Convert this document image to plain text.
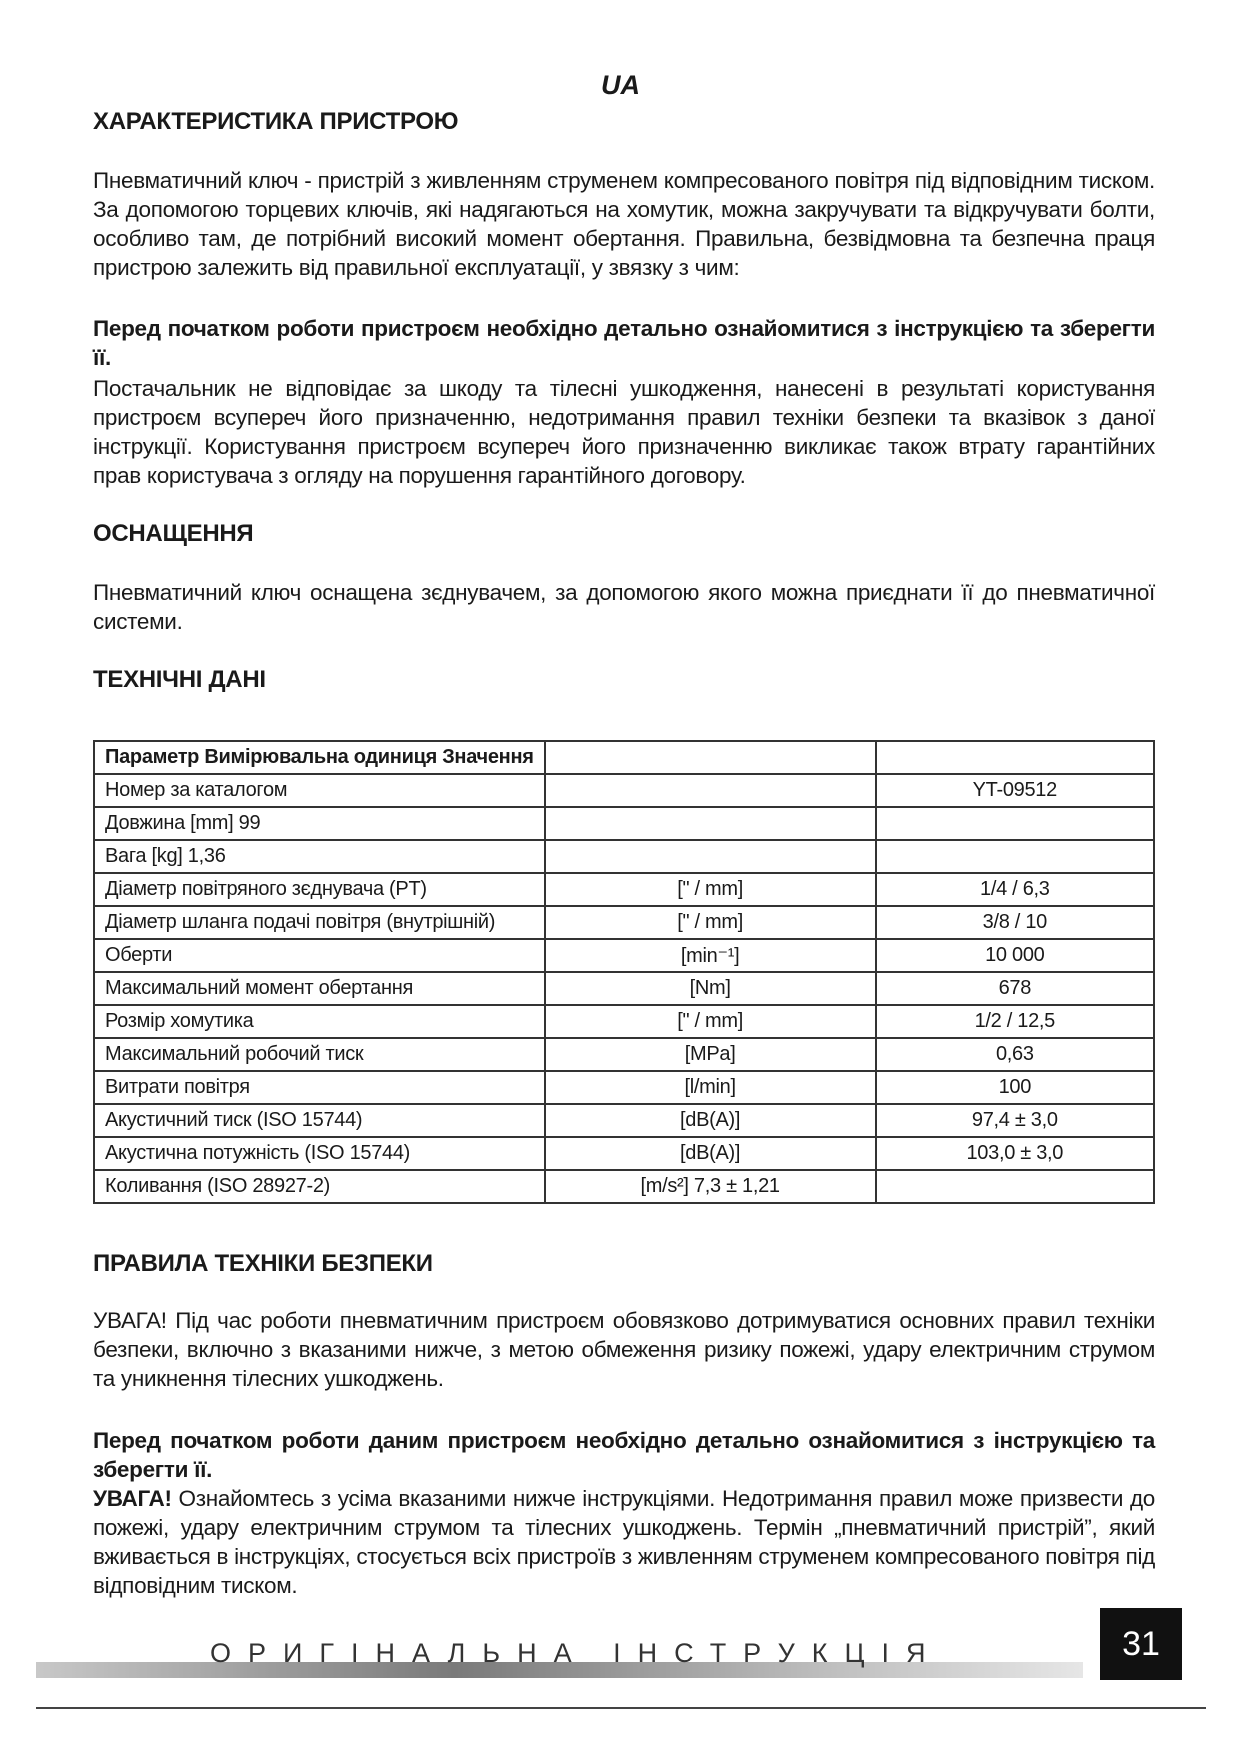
UA
ХАРАКТЕРИСТИКА ПРИСТРОЮ
Пневматичний ключ - пристрій з живленням струменем компресованого повітря під відповідним тиском. За допомогою торцевих ключів, які надягаються на хомутик, можна закручувати та відкручувати болти, особливо там, де потрібний високий момент обертання. Правильна, безвідмовна та безпечна праця пристрою залежить від правильної експлуатації, у звязку з чим:
Перед початком роботи пристроєм необхідно детально ознайомитися з інструкцією та зберегти її.
Постачальник не відповідає за шкоду та тілесні ушкодження, нанесені в результаті користування пристроєм всупереч його призначенню, недотримання правил техніки безпеки та вказівок з даної інструкції. Користування пристроєм всупереч його призначенню викликає також втрату гарантійних прав користувача з огляду на порушення гарантійного договору.
ОСНАЩЕННЯ
Пневматичний ключ оснащена зєднувачем, за допомогою якого можна приєднати її до пневматичної системи.
ТЕХНІЧНІ ДАНІ
Параметр Вимірювальна одиниця Значення		
Номер за каталогом		YT-09512
Довжина [mm] 99		
Вага [kg] 1,36		
Діаметр повітряного зєднувача (PT)	[" / mm]	1/4 / 6,3
Діаметр шланга подачі повітря (внутрішній)	[" / mm]	3/8 / 10
Оберти	[min⁻¹]	10 000
Максимальний момент обертання	[Nm]	678
Розмір хомутика	[" / mm]	1/2 / 12,5
Максимальний робочий тиск	[MPa]	0,63
Витрати повітря	[l/min]	100
Акустичний тиск (ISO 15744)	[dB(A)]	97,4 ± 3,0
Акустична потужність (ISO 15744)	[dB(A)]	103,0 ± 3,0
Коливання (ISO 28927-2)	[m/s²] 7,3 ± 1,21	
ПРАВИЛА ТЕХНІКИ БЕЗПЕКИ
УВАГА! Під час роботи пневматичним пристроєм обовязково дотримуватися основних правил техніки безпеки, включно з вказаними нижче, з метою обмеження ризику пожежі, удару електричним струмом та уникнення тілесних ушкоджень.
Перед початком роботи даним пристроєм необхідно детально ознайомитися з інструкцією та зберегти її.
УВАГА! Ознайомтесь з усіма вказаними нижче інструкціями. Недотримання правил може призвести до пожежі, удару електричним струмом та тілесних ушкоджень. Термін „пневматичний пристрій”, який вживається в інструкціях, стосується всіх пристроїв з живленням струменем компресованого повітря під відповідним тиском.
ОРИГІНАЛЬНА ІНСТРУКЦІЯ	31
